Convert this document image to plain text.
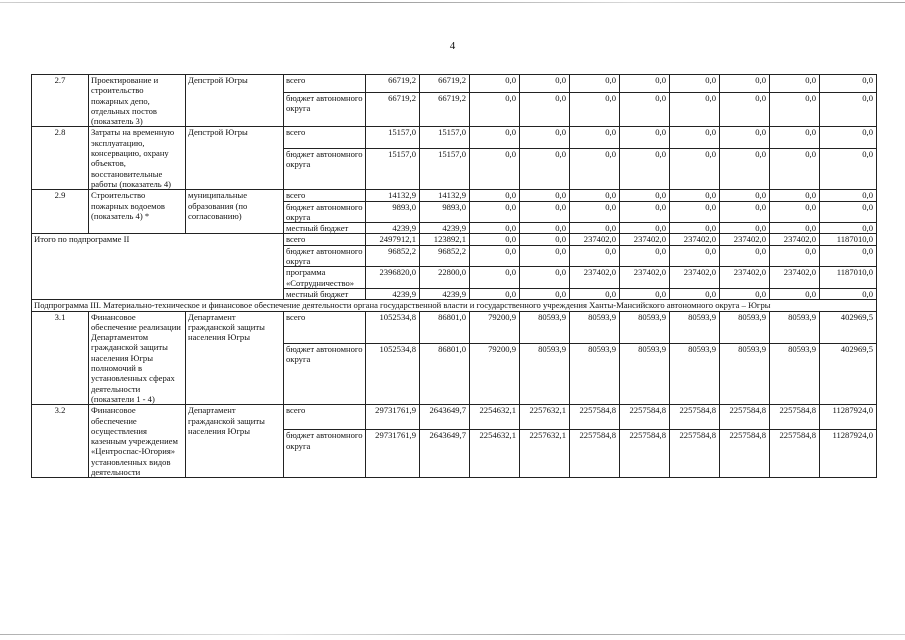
4
2.7	Проектирование и строительство пожарных депо, отдельных постов (показатель 3)	Депстрой Югры	всего	66719,2	66719,2	0,0	0,0	0,0	0,0	0,0	0,0	0,0	0,0
			бюджет автономного округа	66719,2	66719,2	0,0	0,0	0,0	0,0	0,0	0,0	0,0	0,0
2.8	Затраты на временную эксплуатацию, консервацию, охрану объектов, восстановительные работы (показатель 4)	Депстрой Югры	всего	15157,0	15157,0	0,0	0,0	0,0	0,0	0,0	0,0	0,0	0,0
			бюджет автономного округа	15157,0	15157,0	0,0	0,0	0,0	0,0	0,0	0,0	0,0	0,0
2.9	Строительство пожарных водоемов (показатель 4) *	муниципальные образования (по согласованию)	всего	14132,9	14132,9	0,0	0,0	0,0	0,0	0,0	0,0	0,0	0,0
			бюджет автономного округа	9893,0	9893,0	0,0	0,0	0,0	0,0	0,0	0,0	0,0	0,0
			местный бюджет	4239,9	4239,9	0,0	0,0	0,0	0,0	0,0	0,0	0,0	0,0
Итого по подпрограмме II			всего	2497912,1	123892,1	0,0	0,0	237402,0	237402,0	237402,0	237402,0	237402,0	1187010,0
			бюджет автономного округа	96852,2	96852,2	0,0	0,0	0,0	0,0	0,0	0,0	0,0	0,0
			программа «Сотрудничество»	2396820,0	22800,0	0,0	0,0	237402,0	237402,0	237402,0	237402,0	237402,0	1187010,0
			местный бюджет	4239,9	4239,9	0,0	0,0	0,0	0,0	0,0	0,0	0,0	0,0
Подпрограмма III. Материально-техническое и финансовое обеспечение деятельности органа государственной власти и государственного учреждения Ханты-Мансийского автономного округа – Югры													
3.1	Финансовое обеспечение реализации Департаментом гражданской защиты населения Югры полномочий в установленных сферах деятельности (показатели 1 - 4)	Департамент гражданской защиты населения Югры	всего	1052534,8	86801,0	79200,9	80593,9	80593,9	80593,9	80593,9	80593,9	80593,9	402969,5
			бюджет автономного округа	1052534,8	86801,0	79200,9	80593,9	80593,9	80593,9	80593,9	80593,9	80593,9	402969,5
3.2	Финансовое обеспечение осуществления казенным учреждением «Центроспас-Югория» установленных видов деятельности	Департамент гражданской защиты населения Югры	всего	29731761,9	2643649,7	2254632,1	2257632,1	2257584,8	2257584,8	2257584,8	2257584,8	2257584,8	11287924,0
			бюджет автономного округа	29731761,9	2643649,7	2254632,1	2257632,1	2257584,8	2257584,8	2257584,8	2257584,8	2257584,8	11287924,0
